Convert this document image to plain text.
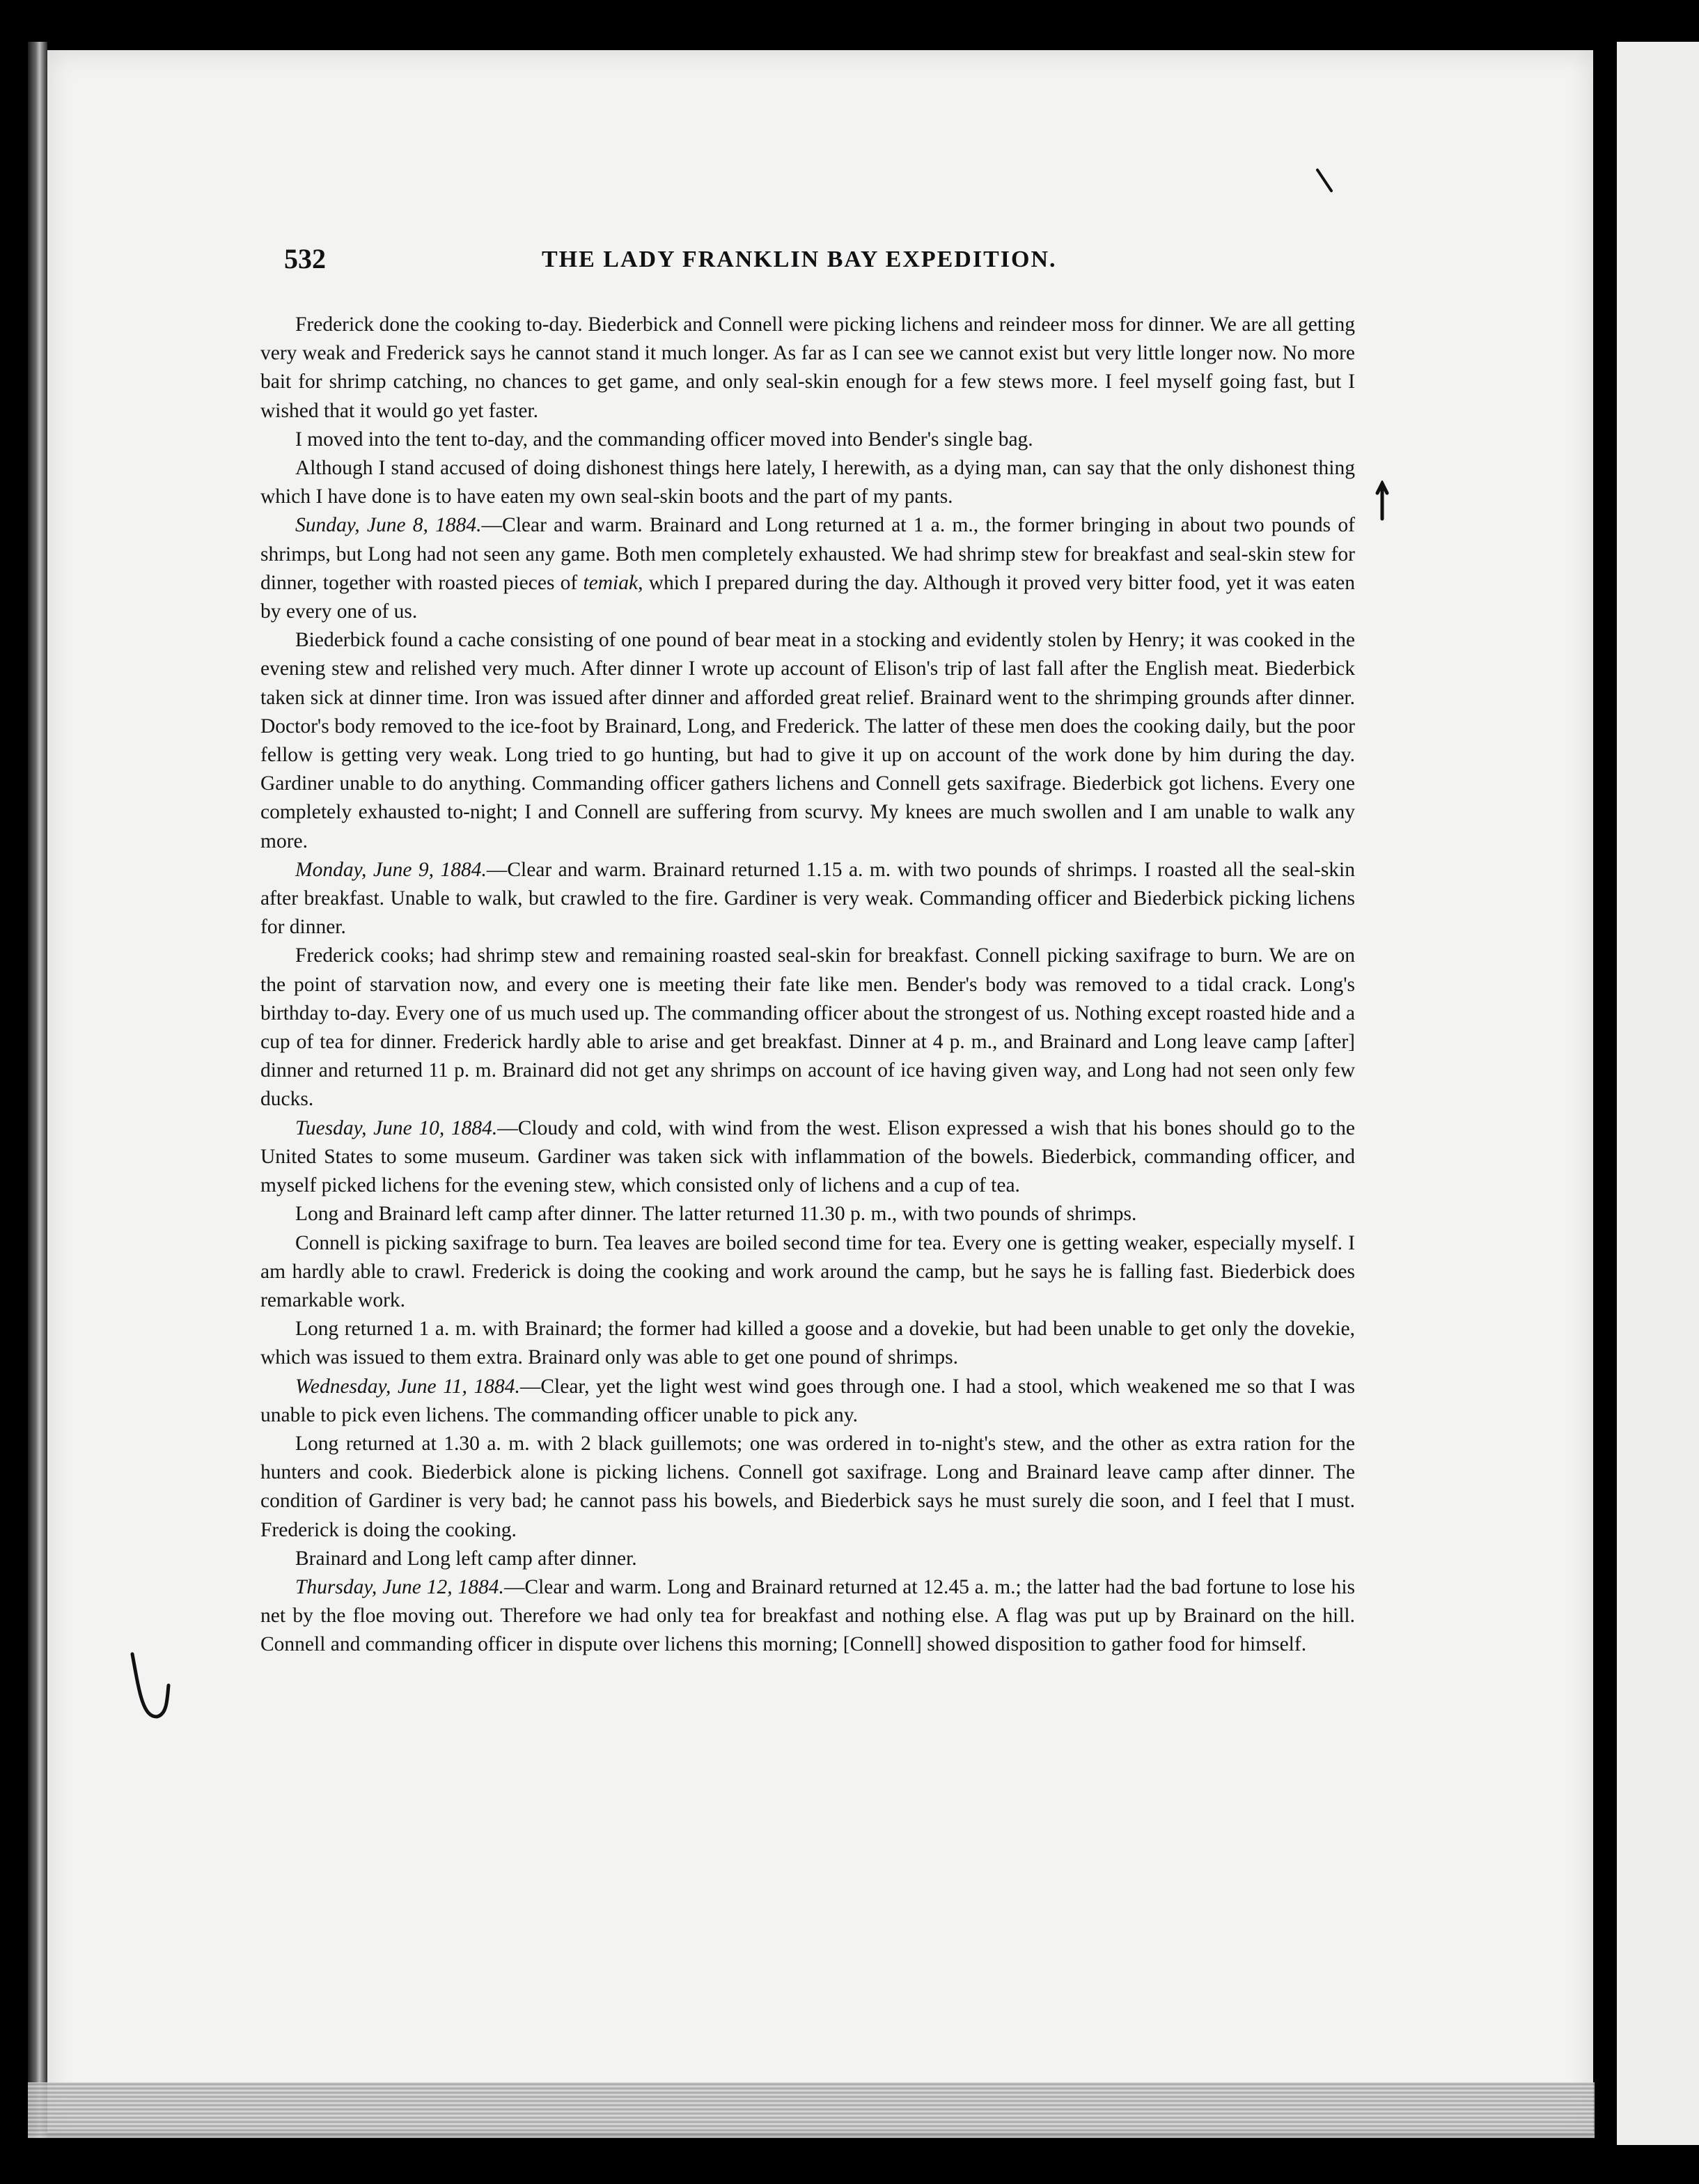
532	THE LADY FRANKLIN BAY EXPEDITION.

Frederick done the cooking to-day. Biederbick and Connell were picking lichens and reindeer moss for dinner. We are all getting very weak and Frederick says he cannot stand it much longer. As far as I can see we cannot exist but very little longer now. No more bait for shrimp catching, no chances to get game, and only seal-skin enough for a few stews more. I feel myself going fast, but I wished that it would go yet faster.

I moved into the tent to-day, and the commanding officer moved into Bender's single bag.

Although I stand accused of doing dishonest things here lately, I herewith, as a dying man, can say that the only dishonest thing which I have done is to have eaten my own seal-skin boots and the part of my pants.

Sunday, June 8, 1884.—Clear and warm. Brainard and Long returned at 1 a. m., the former bringing in about two pounds of shrimps, but Long had not seen any game. Both men completely exhausted. We had shrimp stew for breakfast and seal-skin stew for dinner, together with roasted pieces of temiak, which I prepared during the day. Although it proved very bitter food, yet it was eaten by every one of us.

Biederbick found a cache consisting of one pound of bear meat in a stocking and evidently stolen by Henry; it was cooked in the evening stew and relished very much. After dinner I wrote up account of Elison's trip of last fall after the English meat. Biederbick taken sick at dinner time. Iron was issued after dinner and afforded great relief. Brainard went to the shrimping grounds after dinner. Doctor's body removed to the ice-foot by Brainard, Long, and Frederick. The latter of these men does the cooking daily, but the poor fellow is getting very weak. Long tried to go hunting, but had to give it up on account of the work done by him during the day. Gardiner unable to do anything. Commanding officer gathers lichens and Connell gets saxifrage. Biederbick got lichens. Every one completely exhausted to-night; I and Connell are suffering from scurvy. My knees are much swollen and I am unable to walk any more.

Monday, June 9, 1884.—Clear and warm. Brainard returned 1.15 a. m. with two pounds of shrimps. I roasted all the seal-skin after breakfast. Unable to walk, but crawled to the fire. Gardiner is very weak. Commanding officer and Biederbick picking lichens for dinner.

Frederick cooks; had shrimp stew and remaining roasted seal-skin for breakfast. Connell picking saxifrage to burn. We are on the point of starvation now, and every one is meeting their fate like men. Bender's body was removed to a tidal crack. Long's birthday to-day. Every one of us much used up. The commanding officer about the strongest of us. Nothing except roasted hide and a cup of tea for dinner. Frederick hardly able to arise and get breakfast. Dinner at 4 p. m., and Brainard and Long leave camp [after] dinner and returned 11 p. m. Brainard did not get any shrimps on account of ice having given way, and Long had not seen only few ducks.

Tuesday, June 10, 1884.—Cloudy and cold, with wind from the west. Elison expressed a wish that his bones should go to the United States to some museum. Gardiner was taken sick with inflammation of the bowels. Biederbick, commanding officer, and myself picked lichens for the evening stew, which consisted only of lichens and a cup of tea.

Long and Brainard left camp after dinner. The latter returned 11.30 p. m., with two pounds of shrimps.

Connell is picking saxifrage to burn. Tea leaves are boiled second time for tea. Every one is getting weaker, especially myself. I am hardly able to crawl. Frederick is doing the cooking and work around the camp, but he says he is falling fast. Biederbick does remarkable work.

Long returned 1 a. m. with Brainard; the former had killed a goose and a dovekie, but had been unable to get only the dovekie, which was issued to them extra. Brainard only was able to get one pound of shrimps.

Wednesday, June 11, 1884.—Clear, yet the light west wind goes through one. I had a stool, which weakened me so that I was unable to pick even lichens. The commanding officer unable to pick any.

Long returned at 1.30 a. m. with 2 black guillemots; one was ordered in to-night's stew, and the other as extra ration for the hunters and cook. Biederbick alone is picking lichens. Connell got saxifrage. Long and Brainard leave camp after dinner. The condition of Gardiner is very bad; he cannot pass his bowels, and Biederbick says he must surely die soon, and I feel that I must. Frederick is doing the cooking.

Brainard and Long left camp after dinner.

Thursday, June 12, 1884.—Clear and warm. Long and Brainard returned at 12.45 a. m.; the latter had the bad fortune to lose his net by the floe moving out. Therefore we had only tea for breakfast and nothing else. A flag was put up by Brainard on the hill. Connell and commanding officer in dispute over lichens this morning; [Connell] showed disposition to gather food for himself.
